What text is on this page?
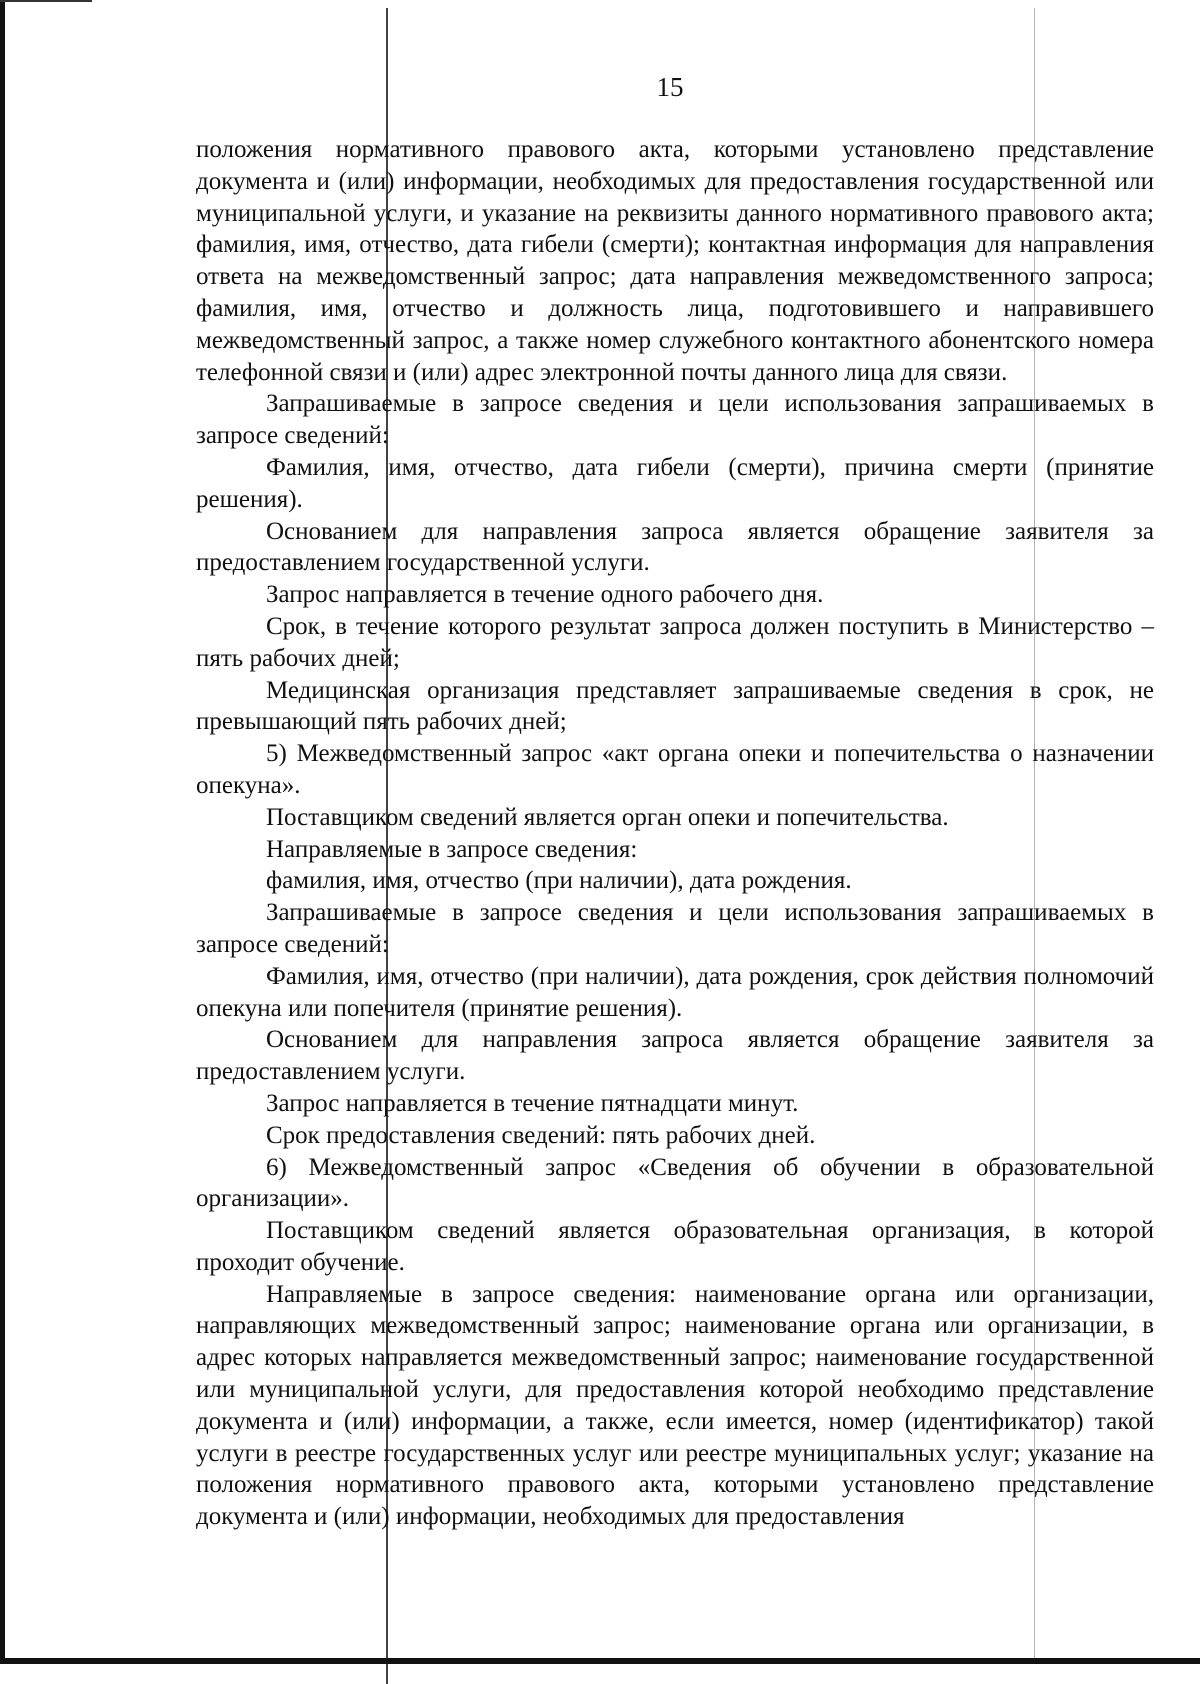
15

положения нормативного правового акта, которыми установлено представление документа и (или) информации, необходимых для предоставления государственной или муниципальной услуги, и указание на реквизиты данного нормативного правового акта; фамилия, имя, отчество, дата гибели (смерти); контактная информация для направления ответа на межведомственный запрос; дата направления межведомственного запроса; фамилия, имя, отчество и должность лица, подготовившего и направившего межведомственный запрос, а также номер служебного контактного абонентского номера телефонной связи и (или) адрес электронной почты данного лица для связи.

Запрашиваемые в запросе сведения и цели использования запрашиваемых в запросе сведений:

Фамилия, имя, отчество, дата гибели (смерти), причина смерти (принятие решения).

Основанием для направления запроса является обращение заявителя за предоставлением государственной услуги.

Запрос направляется в течение одного рабочего дня.

Срок, в течение которого результат запроса должен поступить в Министерство – пять рабочих дней;

Медицинская организация представляет запрашиваемые сведения в срок, не превышающий пять рабочих дней;

5) Межведомственный запрос «акт органа опеки и попечительства о назначении опекуна».

Поставщиком сведений является орган опеки и попечительства.

Направляемые в запросе сведения:

фамилия, имя, отчество (при наличии), дата рождения.

Запрашиваемые в запросе сведения и цели использования запрашиваемых в запросе сведений:

Фамилия, имя, отчество (при наличии), дата рождения, срок действия полномочий опекуна или попечителя (принятие решения).

Основанием для направления запроса является обращение заявителя за предоставлением услуги.

Запрос направляется в течение пятнадцати минут.

Срок предоставления сведений: пять рабочих дней.

6) Межведомственный запрос «Сведения об обучении в образовательной организации».

Поставщиком сведений является образовательная организация, в которой проходит обучение.

Направляемые в запросе сведения: наименование органа или организации, направляющих межведомственный запрос; наименование органа или организации, в адрес которых направляется межведомственный запрос; наименование государственной или муниципальной услуги, для предоставления которой необходимо представление документа и (или) информации, а также, если имеется, номер (идентификатор) такой услуги в реестре государственных услуг или реестре муниципальных услуг; указание на положения нормативного правового акта, которыми установлено представление документа и (или) информации, необходимых для предоставления
